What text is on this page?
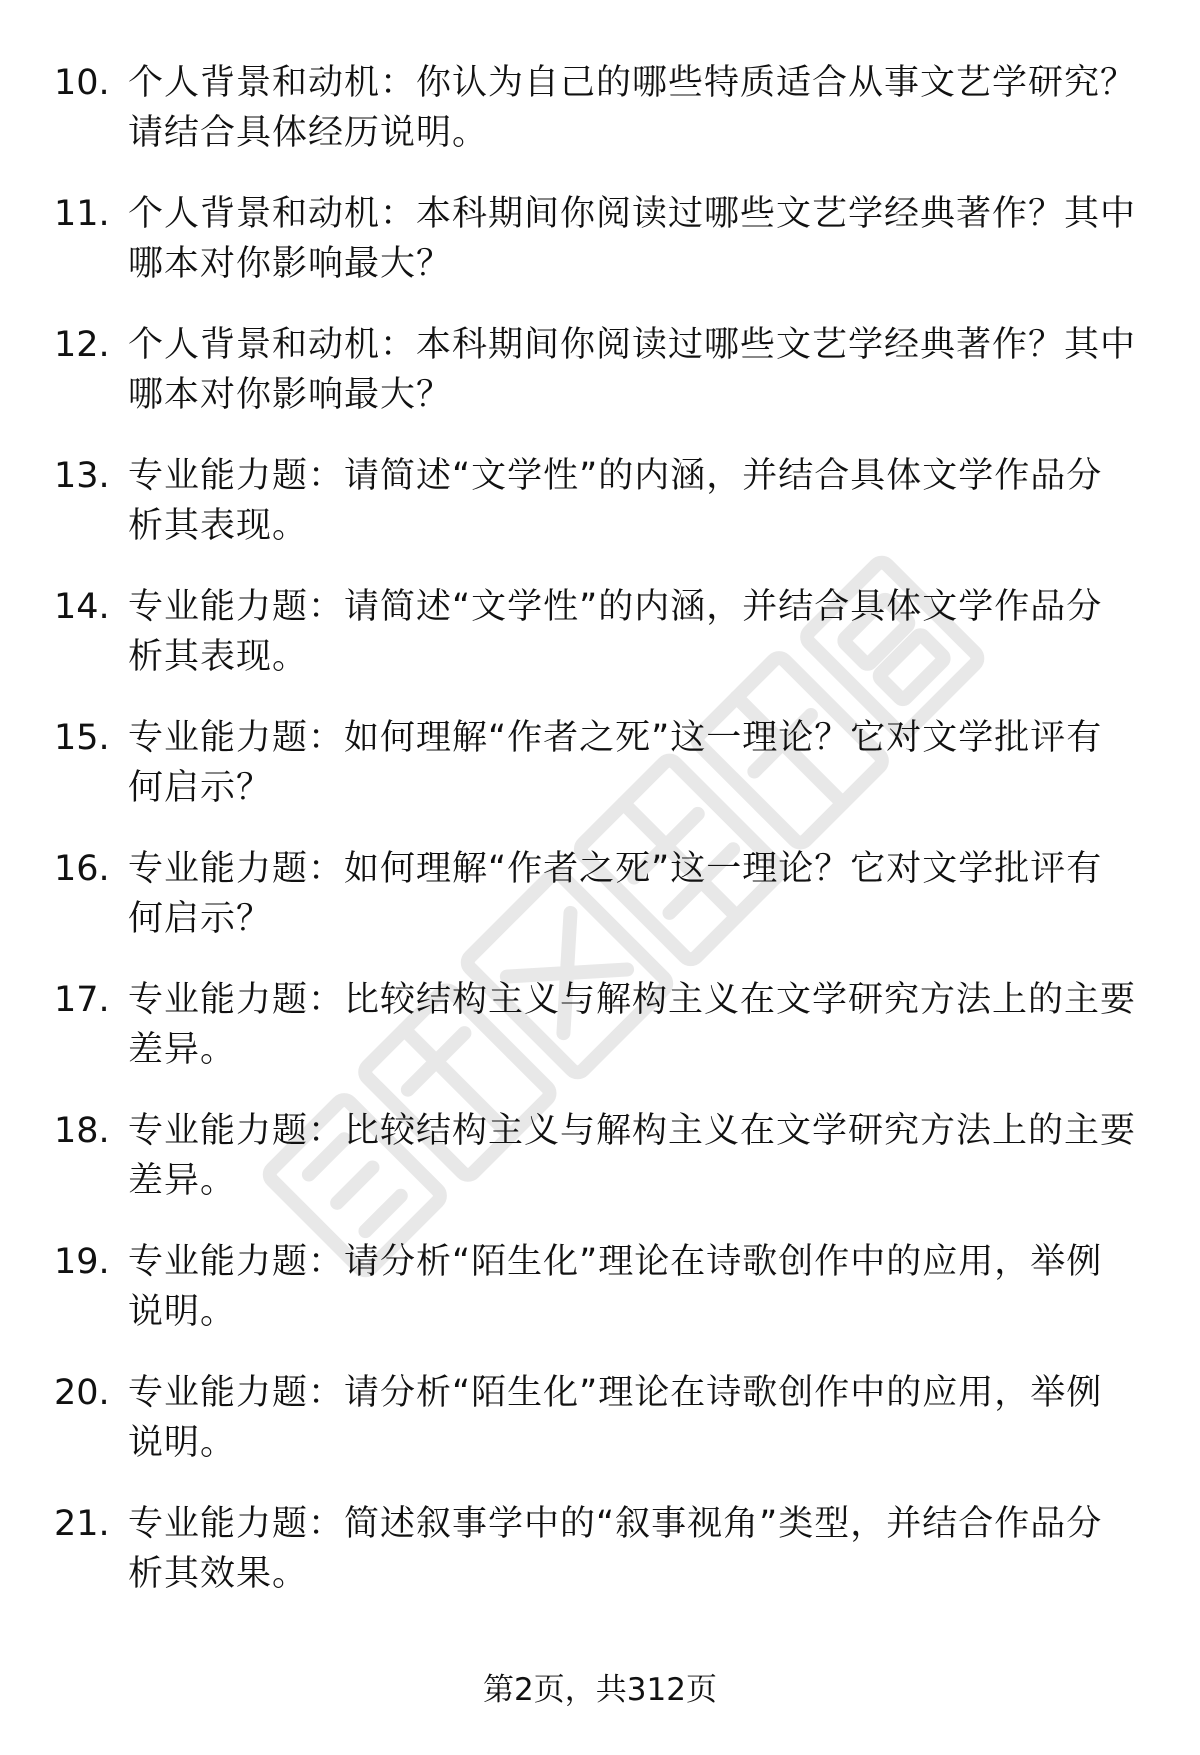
10. 个人背景和动机：你认为自己的哪些特质适合从事文艺学研究？请结合具体经历说明。
11. 个人背景和动机：本科期间你阅读过哪些文艺学经典著作？其中哪本对你影响最大？
12. 个人背景和动机：本科期间你阅读过哪些文艺学经典著作？其中哪本对你影响最大？
13. 专业能力题：请简述“文学性”的内涵，并结合具体文学作品分析其表现。
14. 专业能力题：请简述“文学性”的内涵，并结合具体文学作品分析其表现。
15. 专业能力题：如何理解“作者之死”这一理论？它对文学批评有何启示？
16. 专业能力题：如何理解“作者之死”这一理论？它对文学批评有何启示？
17. 专业能力题：比较结构主义与解构主义在文学研究方法上的主要差异。
18. 专业能力题：比较结构主义与解构主义在文学研究方法上的主要差异。
19. 专业能力题：请分析“陌生化”理论在诗歌创作中的应用，举例说明。
20. 专业能力题：请分析“陌生化”理论在诗歌创作中的应用，举例说明。
21. 专业能力题：简述叙事学中的“叙事视角”类型，并结合作品分析其效果。
第2页，共312页
